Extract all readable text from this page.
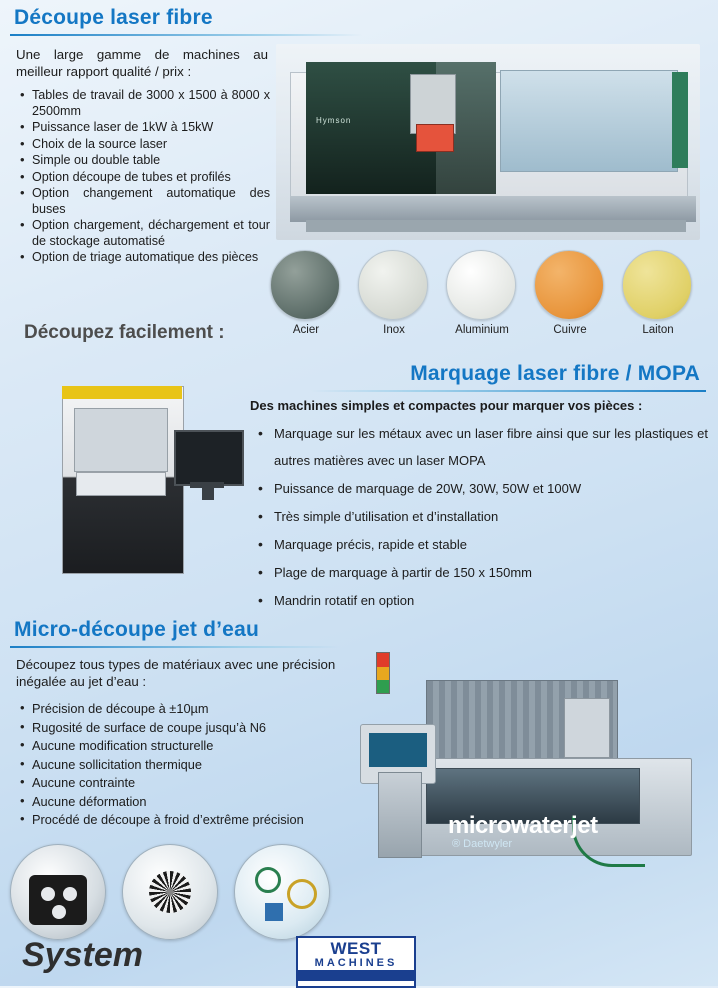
Découpe laser fibre
Une large gamme de machines au meilleur rapport qualité / prix :
• Tables de travail de 3000 x 1500 à 8000 x 2500mm
• Puissance laser de 1kW à 15kW
• Choix de la source laser
• Simple ou double table
• Option découpe de tubes et profilés
• Option changement automatique des buses
• Option chargement, déchargement et tour de stockage automatisé
• Option de triage automatique des pièces
Hymson
Acier	Inox	Aluminium	Cuivre	Laiton
Découpez facilement :
Marquage laser fibre / MOPA
Des machines simples et compactes pour marquer vos pièces :
• Marquage sur les métaux avec un laser fibre ainsi que sur les plastiques et autres matières avec un laser MOPA
• Puissance de marquage de 20W, 30W, 50W et 100W
• Très simple d’utilisation et d’installation
• Marquage précis, rapide et stable
• Plage de marquage à partir de 150 x 150mm
• Mandrin rotatif en option
Micro-découpe jet d’eau
Découpez tous types de matériaux avec une précision inégalée au jet d’eau :
• Précision de découpe à ±10µm
• Rugosité de surface de coupe jusqu’à N6
• Aucune modification structurelle
• Aucune sollicitation thermique
• Aucune contrainte
• Aucune déformation
• Procédé de découpe à froid d’extrême précision	microwaterjet
® Daetwyler
System	WEST
MACHINES
